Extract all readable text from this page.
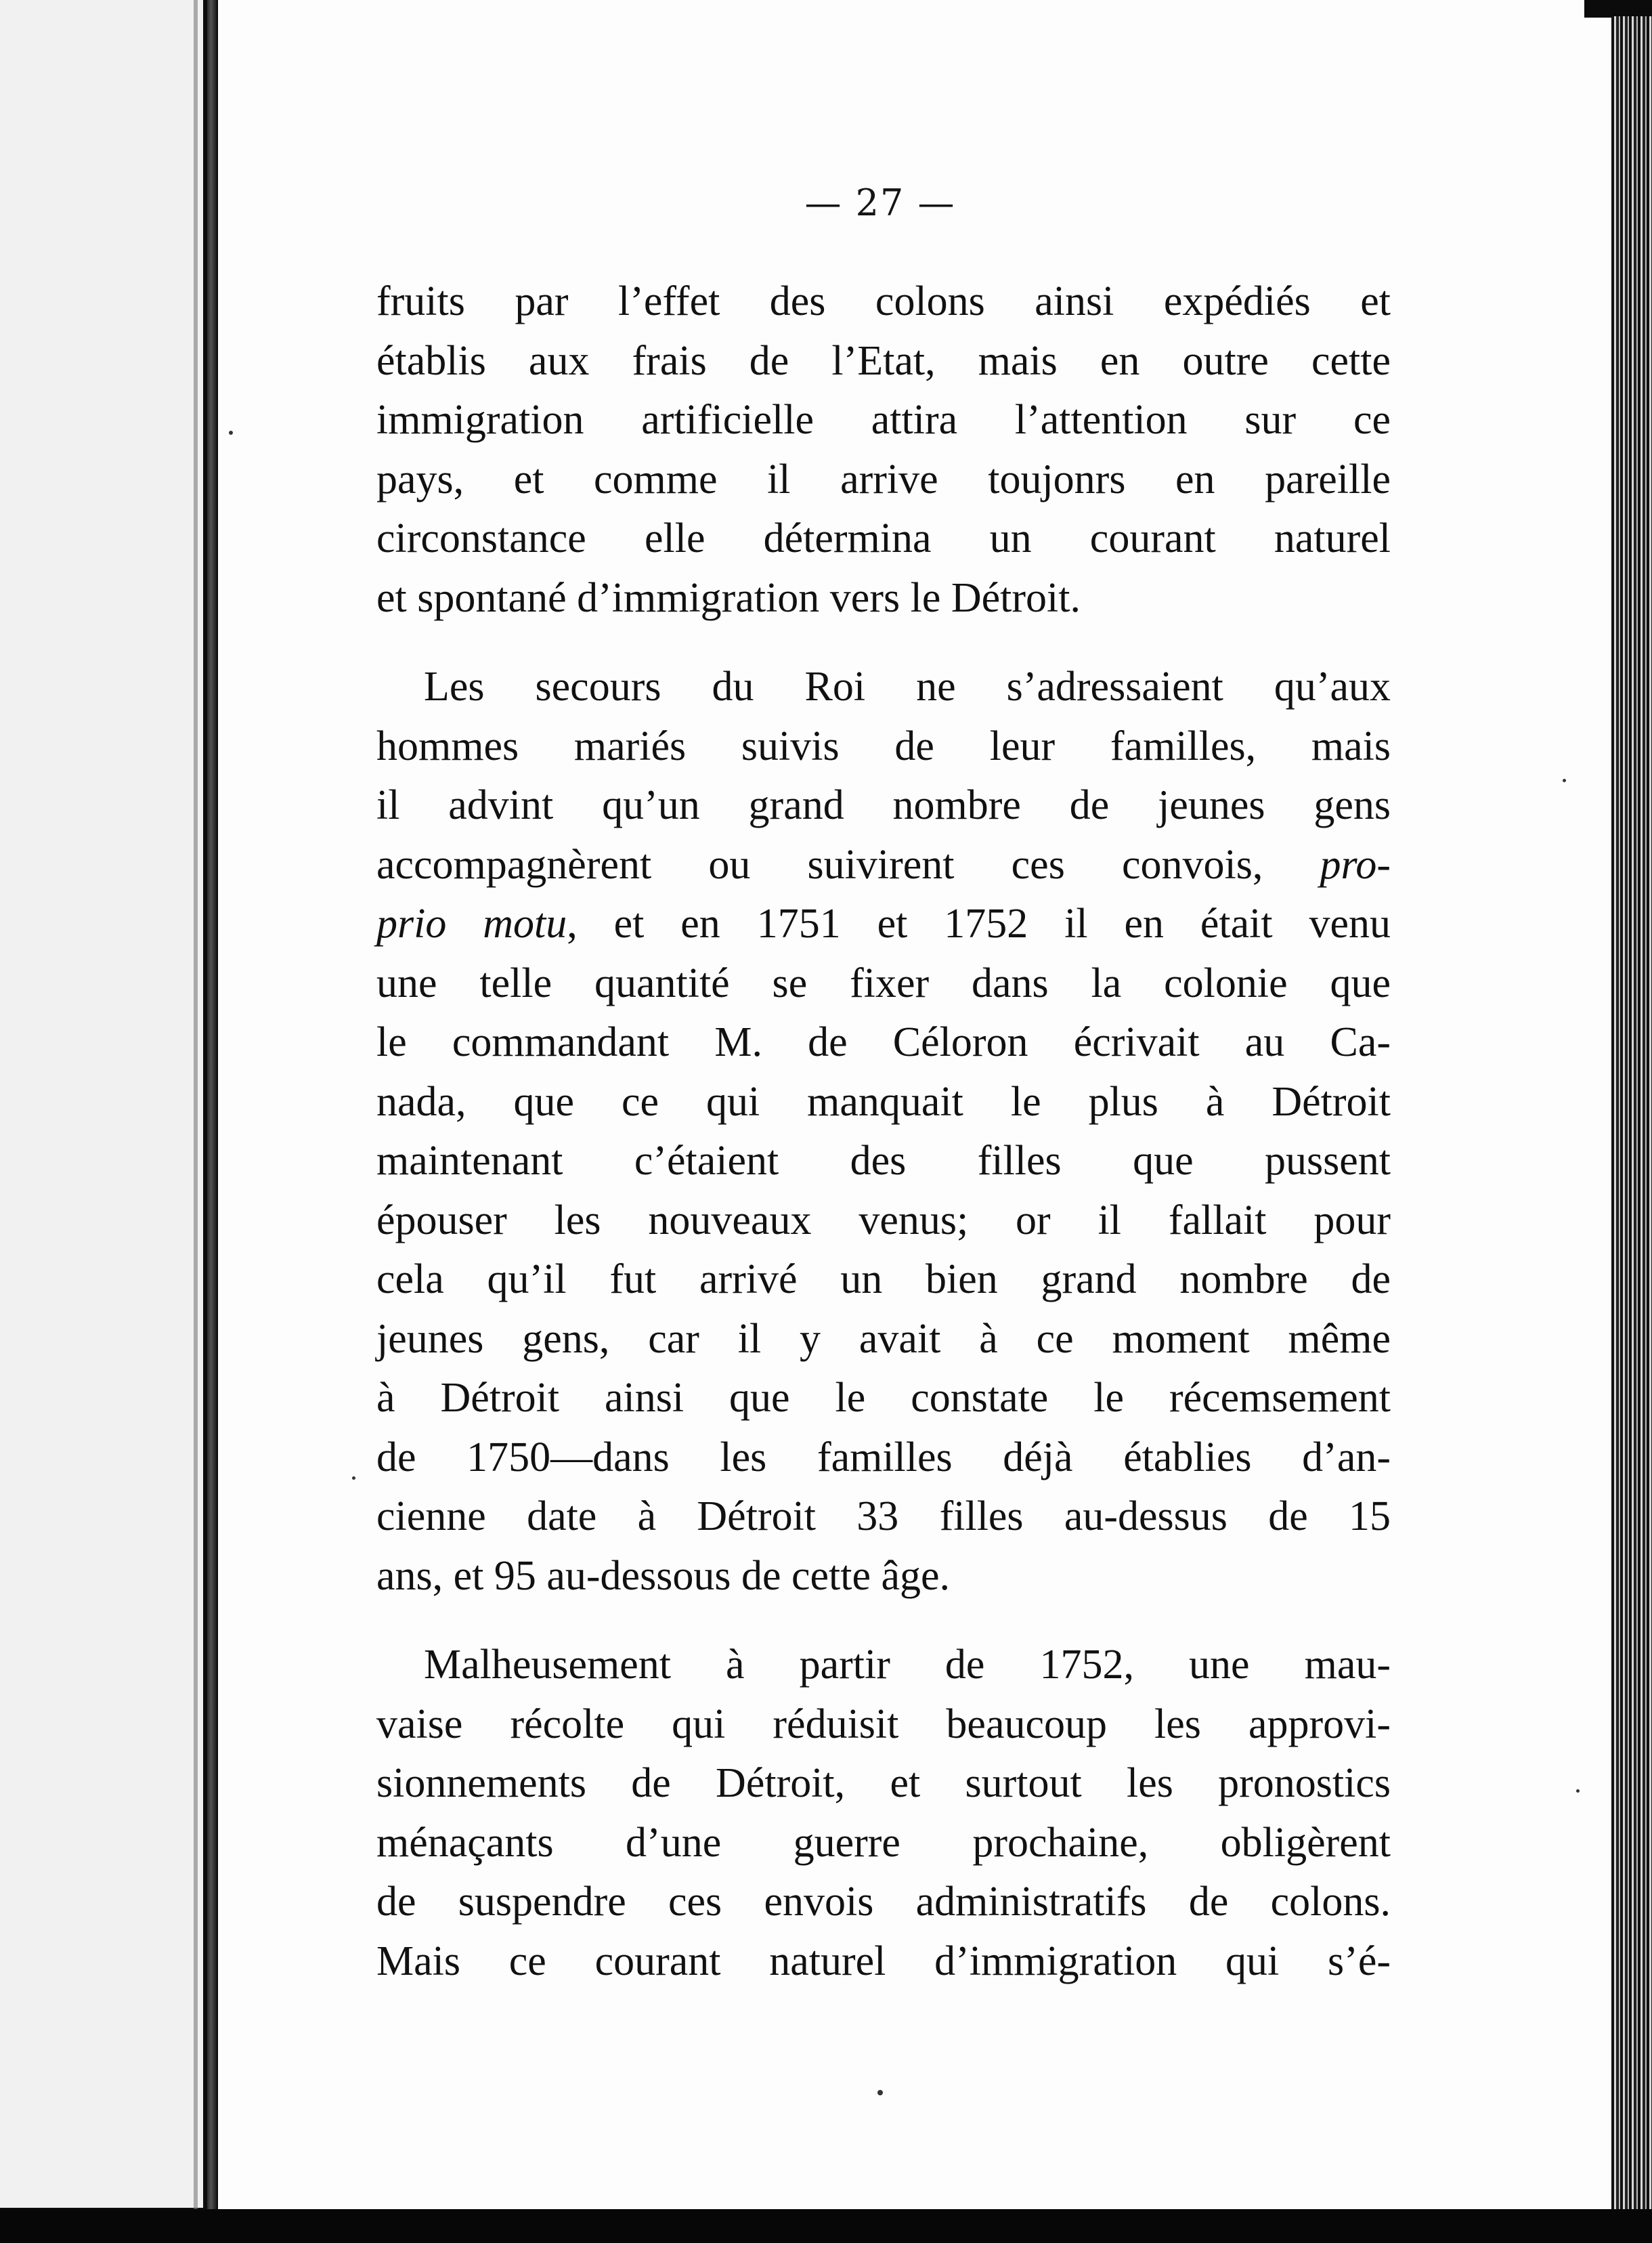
— 27 —
fruits par l’effet des colons ainsi expédiés et
établis aux frais de l’Etat, mais en outre cette
immigration artificielle attira l’attention sur ce
pays, et comme il arrive toujonrs en pareille
circonstance elle détermina un courant naturel
et spontané d’immigration vers le Détroit.
Les secours du Roi ne s’adressaient qu’aux
hommes mariés suivis de leur familles, mais
il advint qu’un grand nombre de jeunes gens
accompagnèrent ou suivirent ces convois, pro-
prio motu, et en 1751 et 1752 il en était venu
une telle quantité se fixer dans la colonie que
le commandant M. de Céloron écrivait au Ca-
nada, que ce qui manquait le plus à Détroit
maintenant c’étaient des filles que pussent
épouser les nouveaux venus; or il fallait pour
cela qu’il fut arrivé un bien grand nombre de
jeunes gens, car il y avait à ce moment même
à Détroit ainsi que le constate le récemsement
de 1750—dans les familles déjà établies d’an-
cienne date à Détroit 33 filles au-dessus de 15
ans, et 95 au-dessous de cette âge.
Malheusement à partir de 1752, une mau-
vaise récolte qui réduisit beaucoup les approvi-
sionnements de Détroit, et surtout les pronostics
ménaçants d’une guerre prochaine, obligèrent
de suspendre ces envois administratifs de colons.
Mais ce courant naturel d’immigration qui s’é-
